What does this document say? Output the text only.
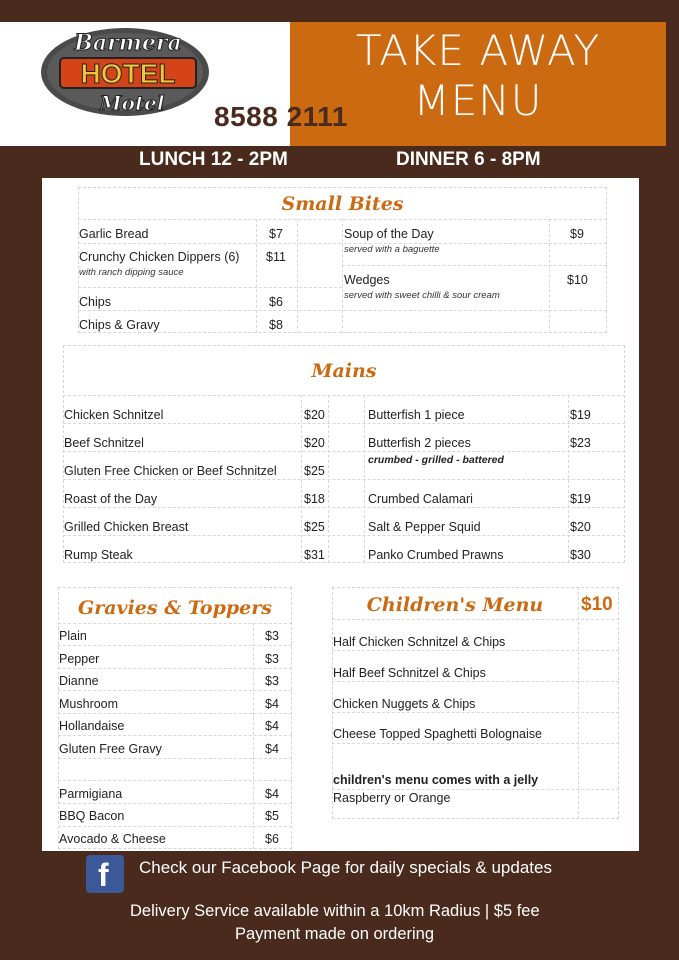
Barmera
HOTEL
Motel
TAKE AWAY
MENU
8588 2111
LUNCH 12 - 2PM	DINNER 6 - 8PM
Small Bites
Garlic Bread	$7
Crunchy Chicken Dippers (6) $11
with ranch dipping sauce
Chips	$6
Chips & Gravy	$8
Soup of the Day	$9
served with a baguette
Wedges	$10
served with sweet chilli & sour cream
Mains
Chicken Schnitzel	$20
Beef Schnitzel	$20
Gluten Free Chicken or Beef Schnitzel $25
Roast of the Day	$18
Grilled Chicken Breast	$25
Rump Steak	$31
Butterfish 1 piece	$19
Butterfish 2 pieces	$23
crumbed - grilled - battered
Crumbed Calamari	$19
Salt & Pepper Squid	$20
Panko Crumbed Prawns	$30
Gravies & Toppers
Plain	$3
Pepper	$3
Dianne	$3
Mushroom	$4
Hollandaise	$4
Gluten Free Gravy	$4
Parmigiana	$4
BBQ Bacon	$5
Avocado & Cheese	$6
Children's Menu	$10
Half Chicken Schnitzel & Chips
Half Beef Schnitzel & Chips
Chicken Nuggets & Chips
Cheese Topped Spaghetti Bolognaise
children's menu comes with a jelly
Raspberry or Orange
f Check our Facebook Page for daily specials & updates
Delivery Service available within a 10km Radius | $5 fee
Payment made on ordering
